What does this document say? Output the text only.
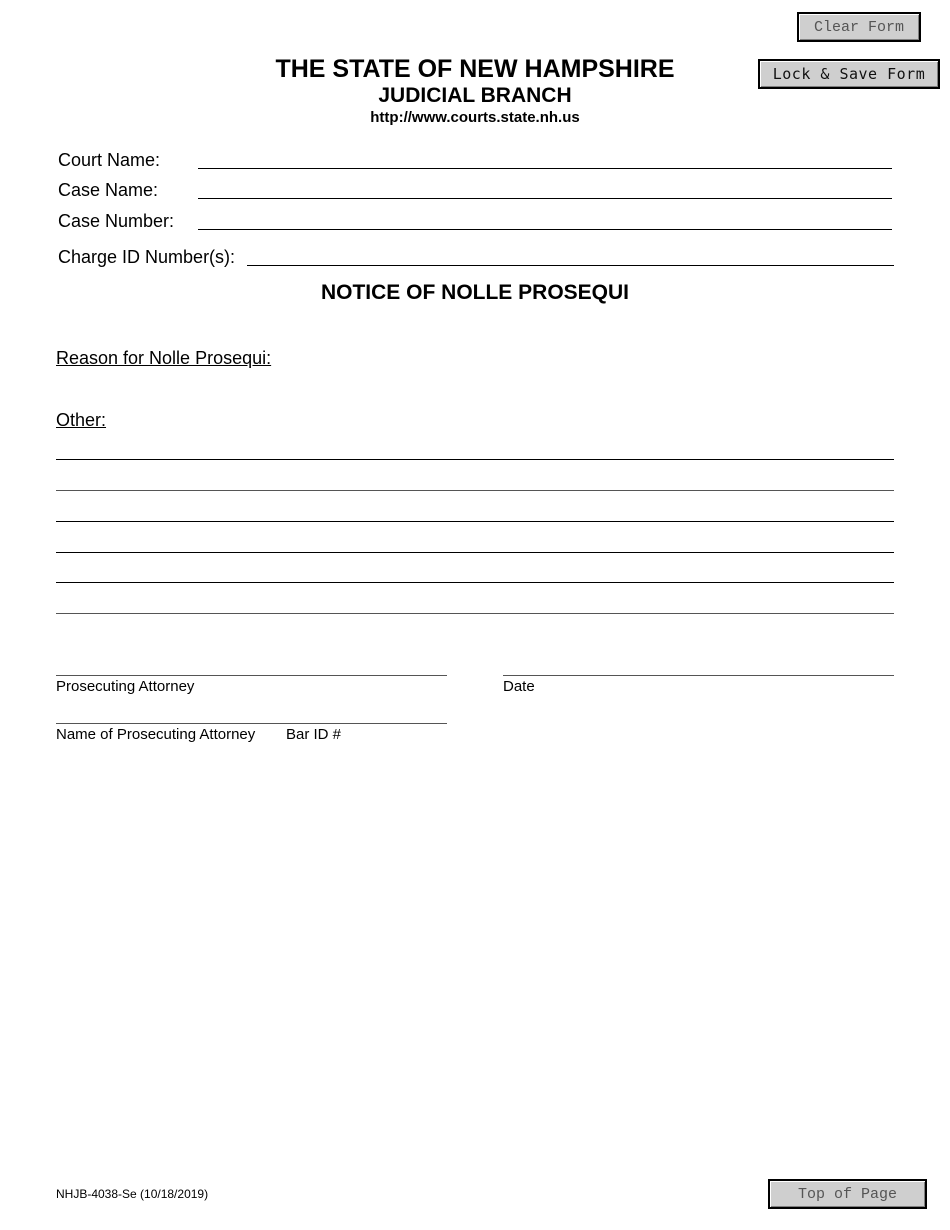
Clear Form
Lock & Save Form
THE STATE OF NEW HAMPSHIRE
JUDICIAL BRANCH
http://www.courts.state.nh.us
Court Name:
Case Name:
Case Number:
Charge ID Number(s):
NOTICE OF NOLLE PROSEQUI
Reason for Nolle Prosequi:
Other:
Prosecuting Attorney	Date
Name of Prosecuting Attorney Bar ID #
NHJB-4038-Se (10/18/2019)	Top of Page
